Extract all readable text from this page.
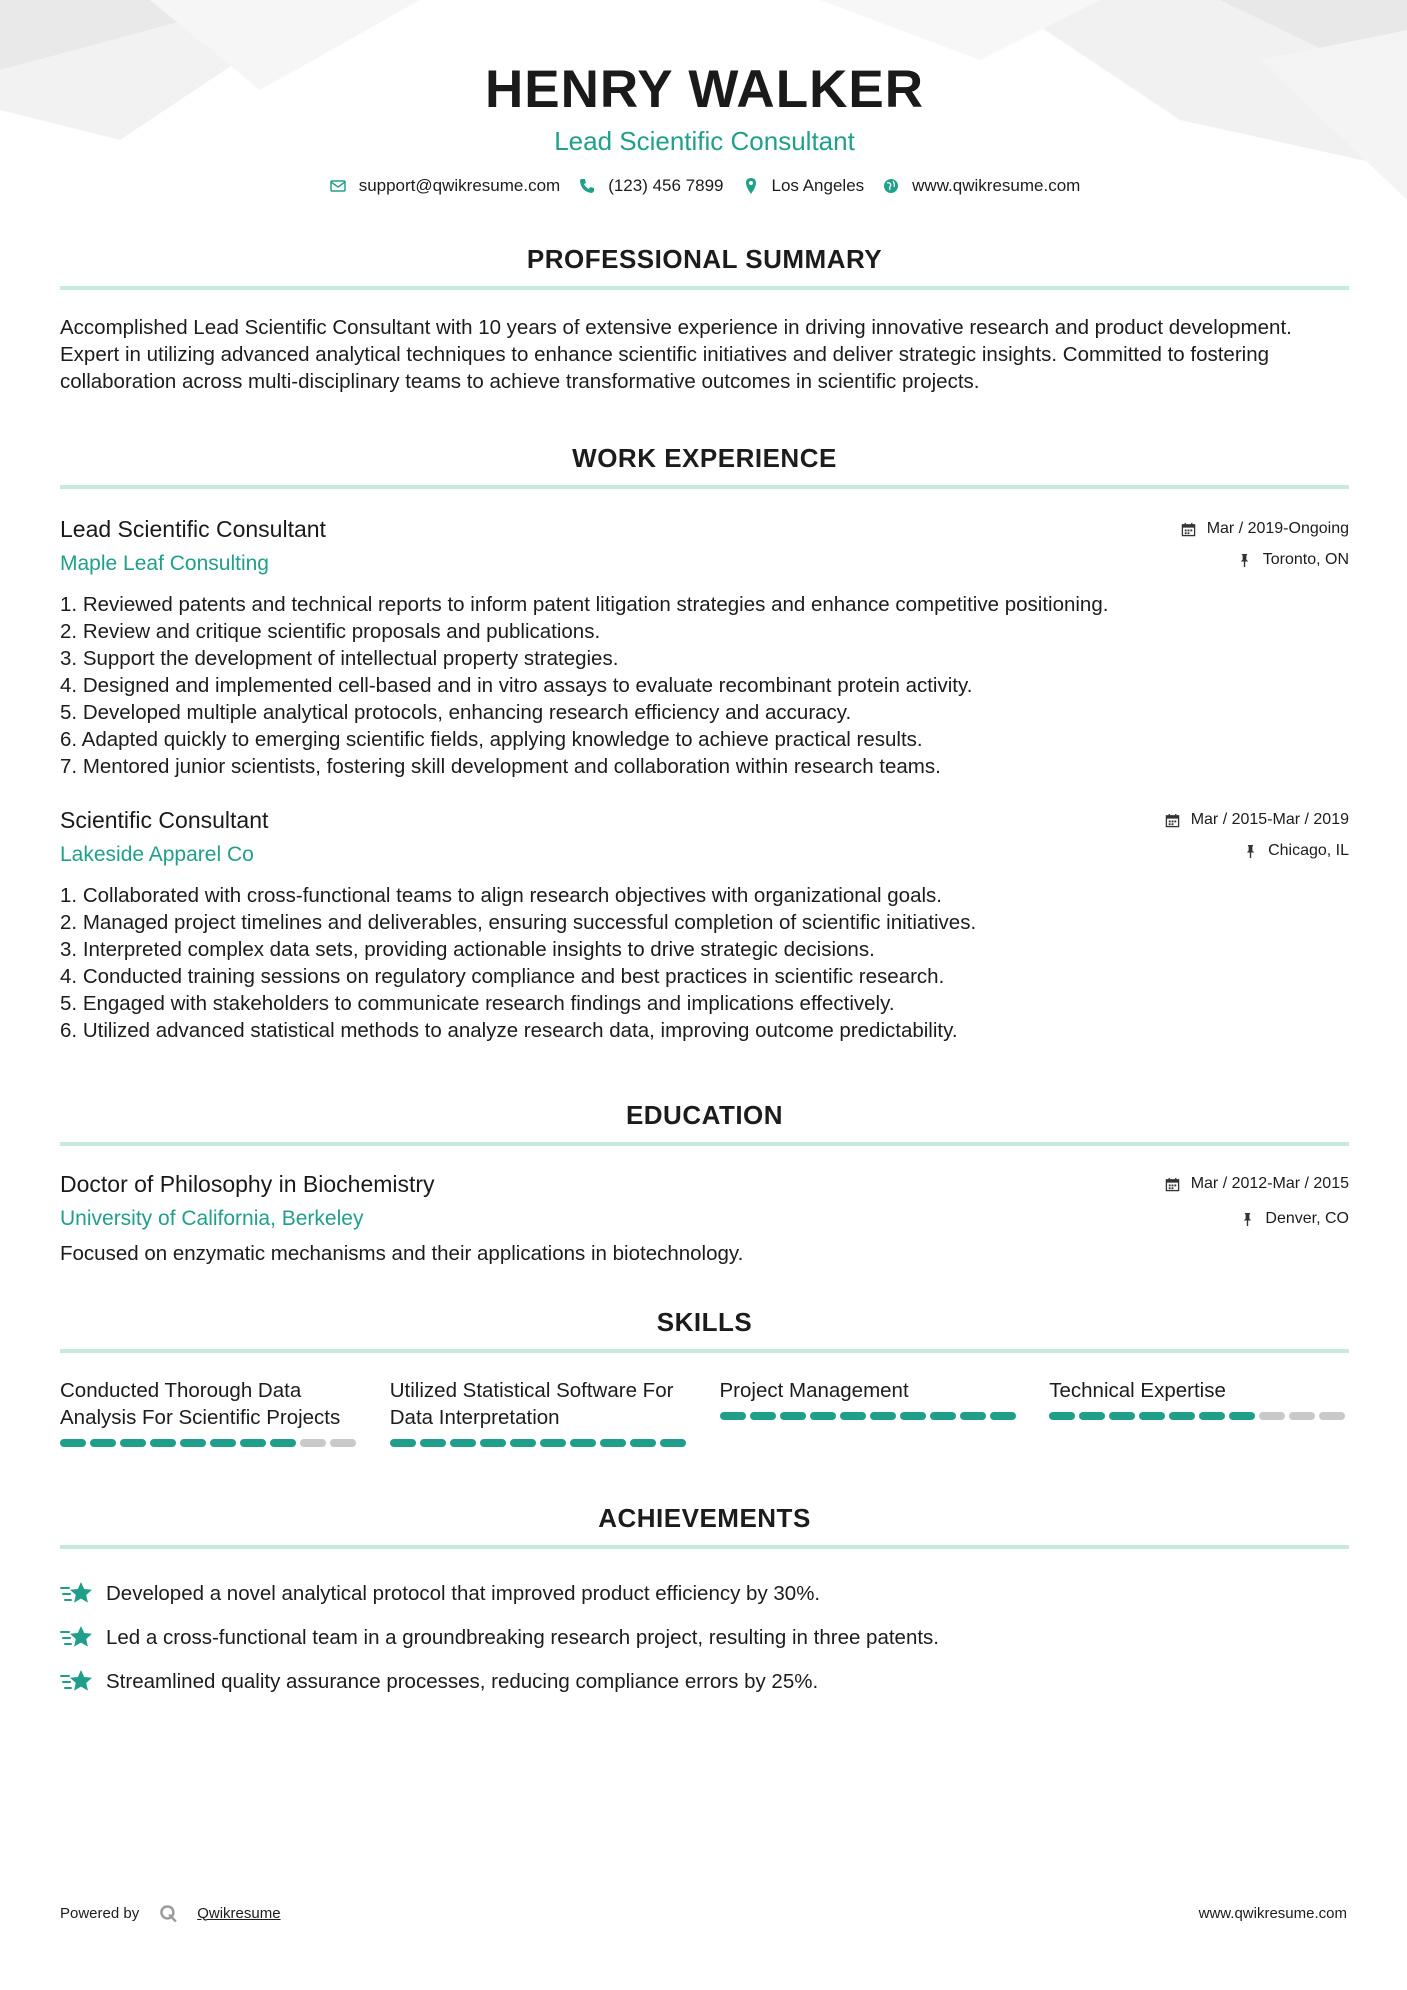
HENRY WALKER
Lead Scientific Consultant
support@qwikresume.com	(123) 456 7899	Los Angeles	www.qwikresume.com
PROFESSIONAL SUMMARY
Accomplished Lead Scientific Consultant with 10 years of extensive experience in driving innovative research and product development. Expert in utilizing advanced analytical techniques to enhance scientific initiatives and deliver strategic insights. Committed to fostering collaboration across multi-disciplinary teams to achieve transformative outcomes in scientific projects.
WORK EXPERIENCE
Lead Scientific Consultant
Maple Leaf Consulting
Mar / 2019-Ongoing
Toronto, ON
Reviewed patents and technical reports to inform patent litigation strategies and enhance competitive positioning.
Review and critique scientific proposals and publications.
Support the development of intellectual property strategies.
Designed and implemented cell-based and in vitro assays to evaluate recombinant protein activity.
Developed multiple analytical protocols, enhancing research efficiency and accuracy.
Adapted quickly to emerging scientific fields, applying knowledge to achieve practical results.
Mentored junior scientists, fostering skill development and collaboration within research teams.
Scientific Consultant
Lakeside Apparel Co
Mar / 2015-Mar / 2019
Chicago, IL
Collaborated with cross-functional teams to align research objectives with organizational goals.
Managed project timelines and deliverables, ensuring successful completion of scientific initiatives.
Interpreted complex data sets, providing actionable insights to drive strategic decisions.
Conducted training sessions on regulatory compliance and best practices in scientific research.
Engaged with stakeholders to communicate research findings and implications effectively.
Utilized advanced statistical methods to analyze research data, improving outcome predictability.
EDUCATION
Doctor of Philosophy in Biochemistry
University of California, Berkeley
Mar / 2012-Mar / 2015
Denver, CO
Focused on enzymatic mechanisms and their applications in biotechnology.
SKILLS
Conducted Thorough Data Analysis For Scientific Projects
Utilized Statistical Software For Data Interpretation
Project Management	Technical Expertise
ACHIEVEMENTS
Developed a novel analytical protocol that improved product efficiency by 30%.
Led a cross-functional team in a groundbreaking research project, resulting in three patents.
Streamlined quality assurance processes, reducing compliance errors by 25%.
Powered by	Qwikresume	www.qwikresume.com
